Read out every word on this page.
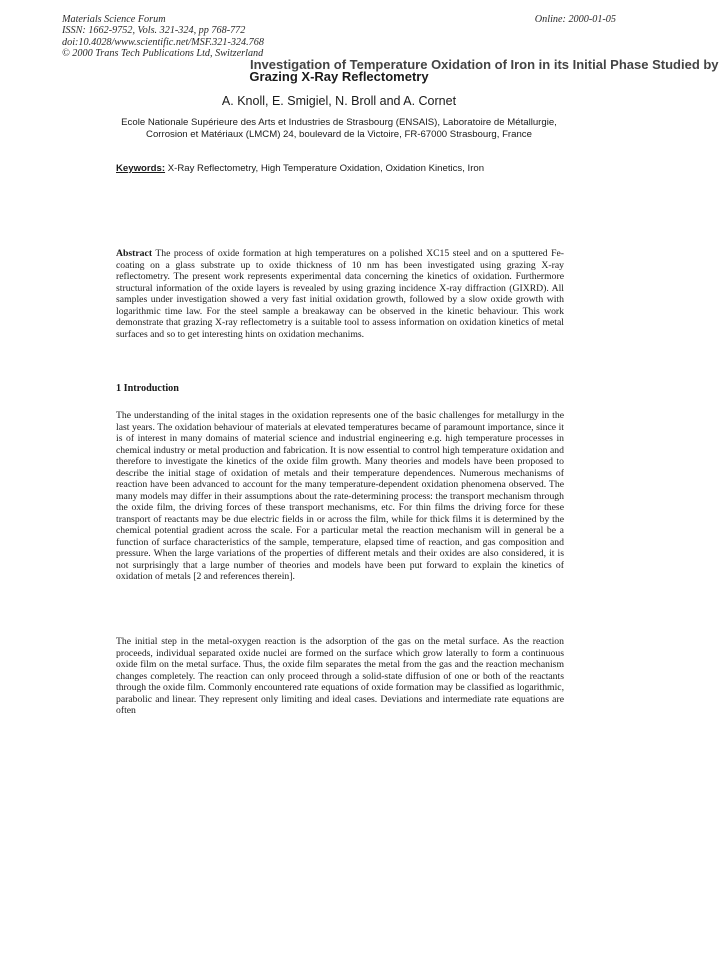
Materials Science Forum
ISSN: 1662-9752, Vols. 321-324, pp 768-772
doi:10.4028/www.scientific.net/MSF.321-324.768
© 2000 Trans Tech Publications Ltd, Switzerland
Online: 2000-01-05
Investigation of Temperature Oxidation of Iron in its Initial Phase Studied by
Grazing X-Ray Reflectometry
A. Knoll, E. Smigiel, N. Broll and A. Cornet
Ecole Nationale Supérieure des Arts et Industries de Strasbourg (ENSAIS), Laboratoire de Métallurgie, Corrosion et Matériaux (LMCM) 24, boulevard de la Victoire, FR-67000 Strasbourg, France
Keywords: X-Ray Reflectometry, High Temperature Oxidation, Oxidation Kinetics, Iron
Abstract The process of oxide formation at high temperatures on a polished XC15 steel and on a sputtered Fe-coating on a glass substrate up to oxide thickness of 10 nm has been investigated using grazing X-ray reflectometry. The present work represents experimental data concerning the kinetics of oxidation. Furthermore structural information of the oxide layers is revealed by using grazing incidence X-ray diffraction (GIXRD). All samples under investigation showed a very fast initial oxidation growth, followed by a slow oxide growth with logarithmic time law. For the steel sample a breakaway can be observed in the kinetic behaviour. This work demonstrate that grazing X-ray reflectometry is a suitable tool to assess information on oxidation kinetics of metal surfaces and so to get interesting hints on oxidation mechanims.
1 Introduction
The understanding of the inital stages in the oxidation represents one of the basic challenges for metallurgy in the last years. The oxidation behaviour of materials at elevated temperatures became of paramount importance, since it is of interest in many domains of material science and industrial engineering e.g. high temperature processes in chemical industry or metal production and fabrication. It is now essential to control high temperature oxidation and therefore to investigate the kinetics of the oxide film growth. Many theories and models have been proposed to describe the initial stage of oxidation of metals and their temperature dependences. Numerous mechanisms of reaction have been advanced to account for the many temperature-dependent oxidation phenomena observed. The many models may differ in their assumptions about the rate-determining process: the transport mechanism through the oxide film, the driving forces of these transport mechanisms, etc. For thin films the driving force for these transport of reactants may be due electric fields in or across the film, while for thick films it is determined by the chemical potential gradient across the scale. For a particular metal the reaction mechanism will in general be a function of surface characteristics of the sample, temperature, elapsed time of reaction, and gas composition and pressure. When the large variations of the properties of different metals and their oxides are also considered, it is not surprisingly that a large number of theories and models have been put forward to explain the kinetics of oxidation of metals [2 and references therein].
The initial step in the metal-oxygen reaction is the adsorption of the gas on the metal surface. As the reaction proceeds, individual separated oxide nuclei are formed on the surface which grow laterally to form a continuous oxide film on the metal surface. Thus, the oxide film separates the metal from the gas and the reaction mechanism changes completely. The reaction can only proceed through a solid-state diffusion of one or both of the reactants through the oxide film. Commonly encountered rate equations of oxide formation may be classified as logarithmic, parabolic and linear. They represent only limiting and ideal cases. Deviations and intermediate rate equations are often
